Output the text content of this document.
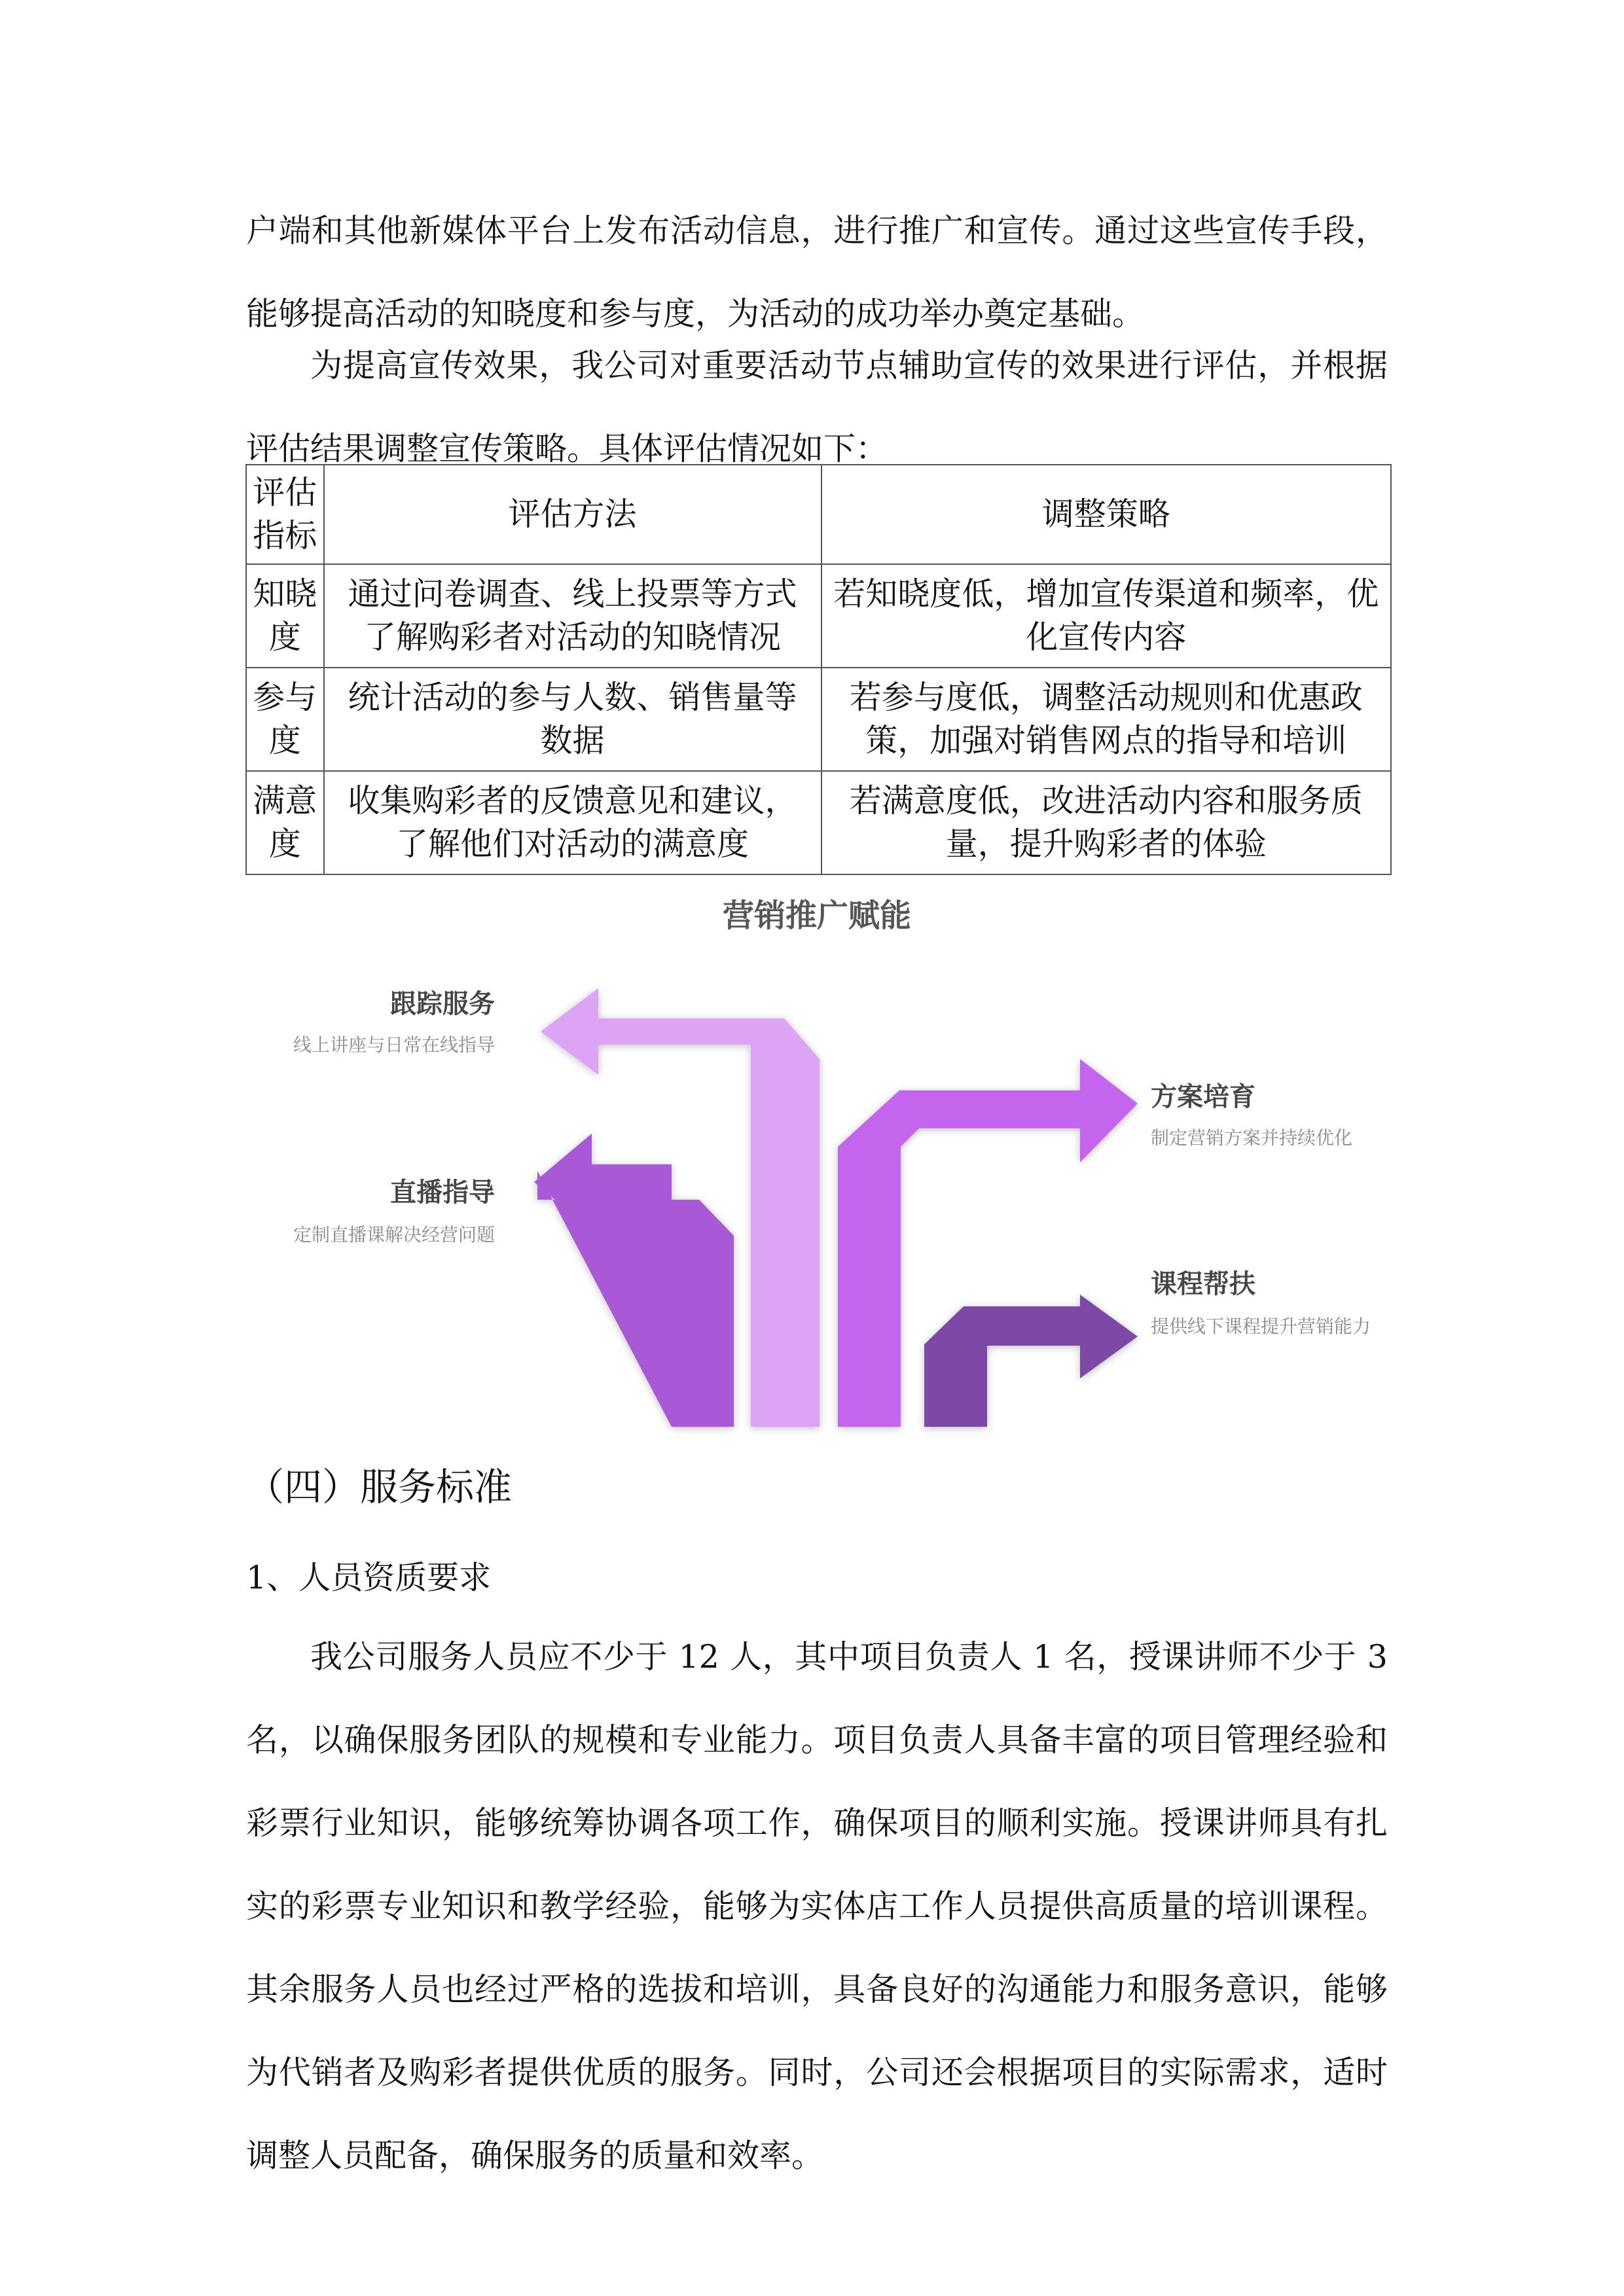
户端和其他新媒体平台上发布活动信息，进行推广和宣传。通过这些宣传手段，能够提高活动的知晓度和参与度，为活动的成功举办奠定基础。

为提高宣传效果，我公司对重要活动节点辅助宣传的效果进行评估，并根据评估结果调整宣传策略。具体评估情况如下：

评估指标	评估方法	调整策略
知晓度	通过问卷调查、线上投票等方式了解购彩者对活动的知晓情况	若知晓度低，增加宣传渠道和频率，优化宣传内容
参与度	统计活动的参与人数、销售量等数据	若参与度低，调整活动规则和优惠政策，加强对销售网点的指导和培训
满意度	收集购彩者的反馈意见和建议，了解他们对活动的满意度	若满意度低，改进活动内容和服务质量，提升购彩者的体验
营销推广赋能
跟踪服务
线上讲座与日常在线指导
直播指导
定制直播课解决经营问题
方案培育
制定营销方案并持续优化
课程帮扶
提供线下课程提升营销能力
（四）服务标准
1、人员资质要求

我公司服务人员应不少于 12 人，其中项目负责人 1 名，授课讲师不少于 3 名，以确保服务团队的规模和专业能力。项目负责人具备丰富的项目管理经验和彩票行业知识，能够统筹协调各项工作，确保项目的顺利实施。授课讲师具有扎实的彩票专业知识和教学经验，能够为实体店工作人员提供高质量的培训课程。其余服务人员也经过严格的选拔和培训，具备良好的沟通能力和服务意识，能够为代销者及购彩者提供优质的服务。同时，公司还会根据项目的实际需求，适时调整人员配备，确保服务的质量和效率。
